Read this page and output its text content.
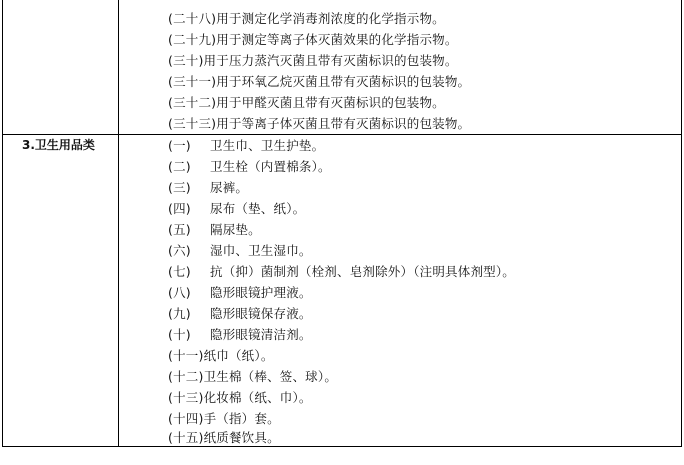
(二十八)用于测定化学消毒剂浓度的化学指示物。
(二十九)用于测定等离子体灭菌效果的化学指示物。
(三十)用于压力蒸汽灭菌且带有灭菌标识的包装物。
(三十一)用于环氧乙烷灭菌且带有灭菌标识的包装物。
(三十二)用于甲醛灭菌且带有灭菌标识的包装物。
(三十三)用于等离子体灭菌且带有灭菌标识的包装物。
3.卫生用品类	(一) 卫生巾、卫生护垫。
(二) 卫生栓（内置棉条）。
(三) 尿裤。
(四) 尿布（垫、纸）。
(五) 隔尿垫。
(六) 湿巾、卫生湿巾。
(七) 抗（抑）菌制剂（栓剂、皂剂除外）（注明具体剂型）。
(八) 隐形眼镜护理液。
(九) 隐形眼镜保存液。
(十) 隐形眼镜清洁剂。
(十一)纸巾（纸）。
(十二)卫生棉（棒、签、球）。
(十三)化妆棉（纸、巾）。
(十四)手（指）套。
(十五)纸质餐饮具。
